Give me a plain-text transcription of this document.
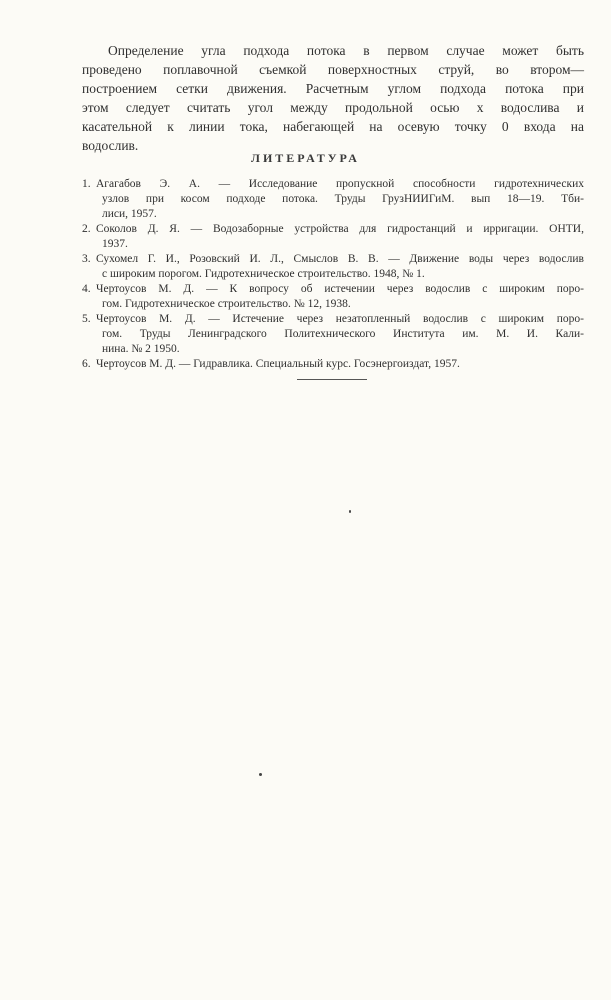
Определение угла подхода потока в первом случае может быть
проведено поплавочной съемкой поверхностных струй, во втором—
построением сетки движения. Расчетным углом подхода потока при
этом следует считать угол между продольной осью x водослива и
касательной к линии тока, набегающей на осевую точку 0 входа на
водослив.
ЛИТЕРАТУРА
1. Агагабов Э. А. — Исследование пропускной способности гидротехнических
узлов при косом подходе потока. Труды ГрузНИИГиМ. вып 18—19. Тби-
лиси, 1957.
2. Соколов Д. Я. — Водозаборные устройства для гидростанций и ирригации. ОНТИ,
1937.
3. Сухомел Г. И., Розовский И. Л., Смыслов В. В. — Движение воды через водослив
с широким порогом. Гидротехническое строительство. 1948, № 1.
4. Чертоусов М. Д. — К вопросу об истечении через водослив с широким поро-
гом. Гидротехническое строительство. № 12, 1938.
5. Чертоусов М. Д. — Истечение через незатопленный водослив с широким поро-
гом. Труды Ленинградского Политехнического Института им. М. И. Кали-
нина. № 2 1950.
6. Чертоусов М. Д. — Гидравлика. Специальный курс. Госэнергоиздат, 1957.
